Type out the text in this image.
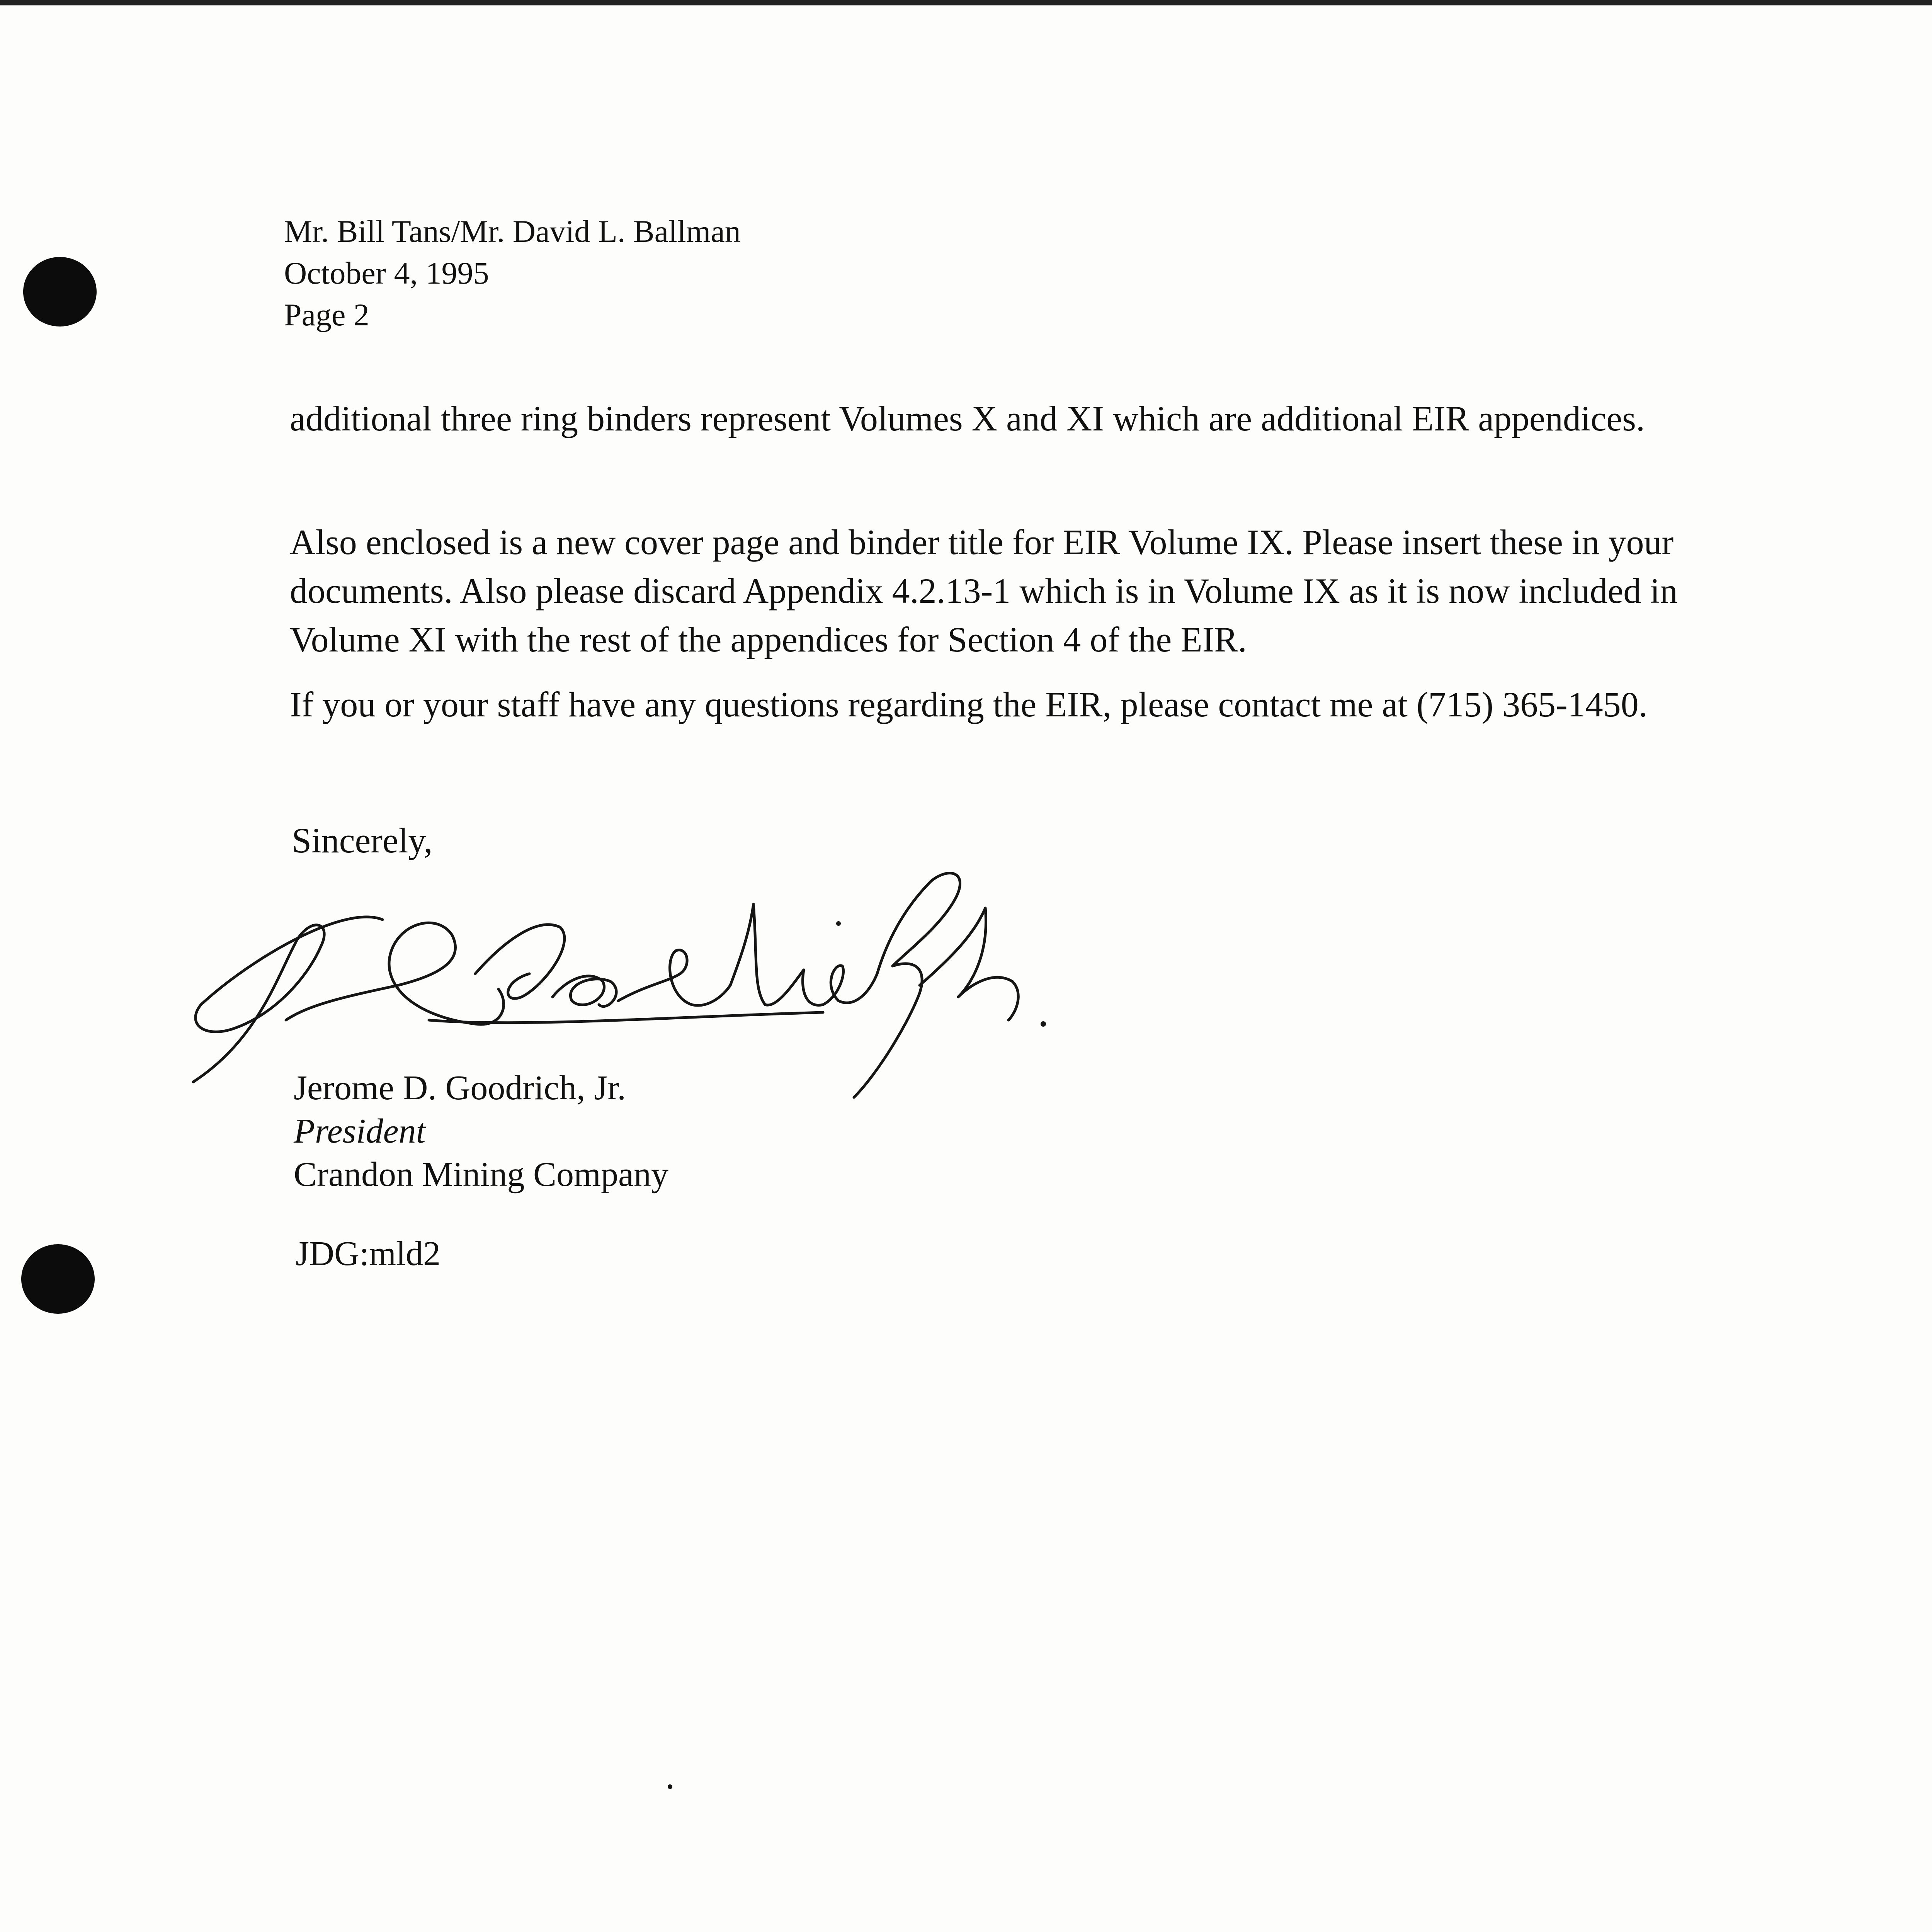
Mr. Bill Tans/Mr. David L. Ballman
October 4, 1995
Page 2

additional three ring binders represent Volumes X and XI which are additional EIR appendices.

Also enclosed is a new cover page and binder title for EIR Volume IX. Please insert these in your documents. Also please discard Appendix 4.2.13-1 which is in Volume IX as it is now included in Volume XI with the rest of the appendices for Section 4 of the EIR.

If you or your staff have any questions regarding the EIR, please contact me at (715) 365-1450.

Sincerely,
Jerome D. Goodrich, Jr.
President
Crandon Mining Company
JDG:mld2
